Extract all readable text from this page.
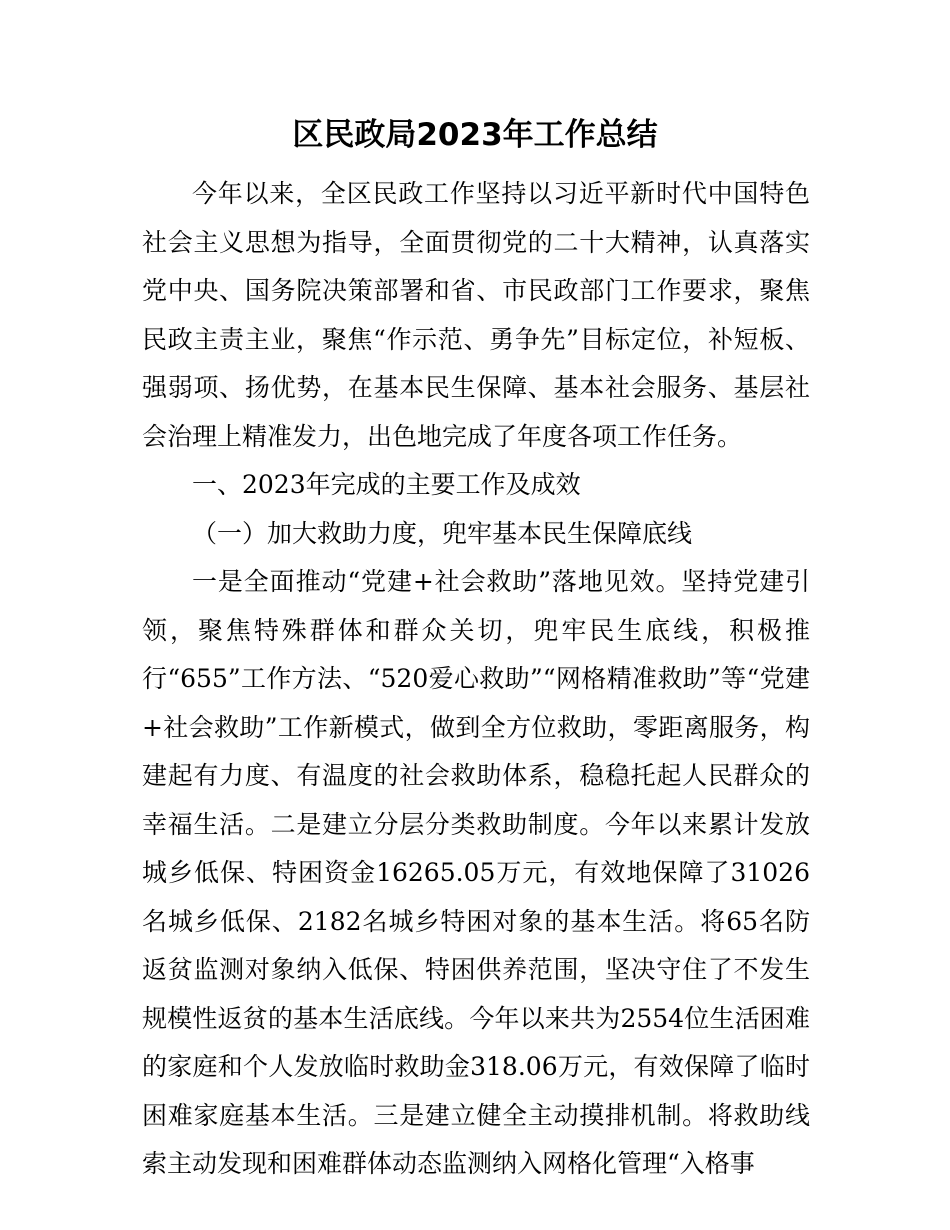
区民政局2023年工作总结

今年以来，全区民政工作坚持以习近平新时代中国特色社会主义思想为指导，全面贯彻党的二十大精神，认真落实党中央、国务院决策部署和省、市民政部门工作要求，聚焦民政主责主业，聚焦“作示范、勇争先”目标定位，补短板、强弱项、扬优势，在基本民生保障、基本社会服务、基层社会治理上精准发力，出色地完成了年度各项工作任务。

一、2023年完成的主要工作及成效

（一）加大救助力度，兜牢基本民生保障底线

一是全面推动“党建+社会救助”落地见效。坚持党建引领，聚焦特殊群体和群众关切，兜牢民生底线，积极推行“655”工作方法、“520爱心救助”“网格精准救助”等“党建+社会救助”工作新模式，做到全方位救助，零距离服务，构建起有力度、有温度的社会救助体系，稳稳托起人民群众的幸福生活。二是建立分层分类救助制度。今年以来累计发放城乡低保、特困资金16265.05万元，有效地保障了31026名城乡低保、2182名城乡特困对象的基本生活。将65名防返贫监测对象纳入低保、特困供养范围，坚决守住了不发生规模性返贫的基本生活底线。今年以来共为2554位生活困难的家庭和个人发放临时救助金318.06万元，有效保障了临时困难家庭基本生活。三是建立健全主动摸排机制。将救助线索主动发现和困难群体动态监测纳入网格化管理“入格事
